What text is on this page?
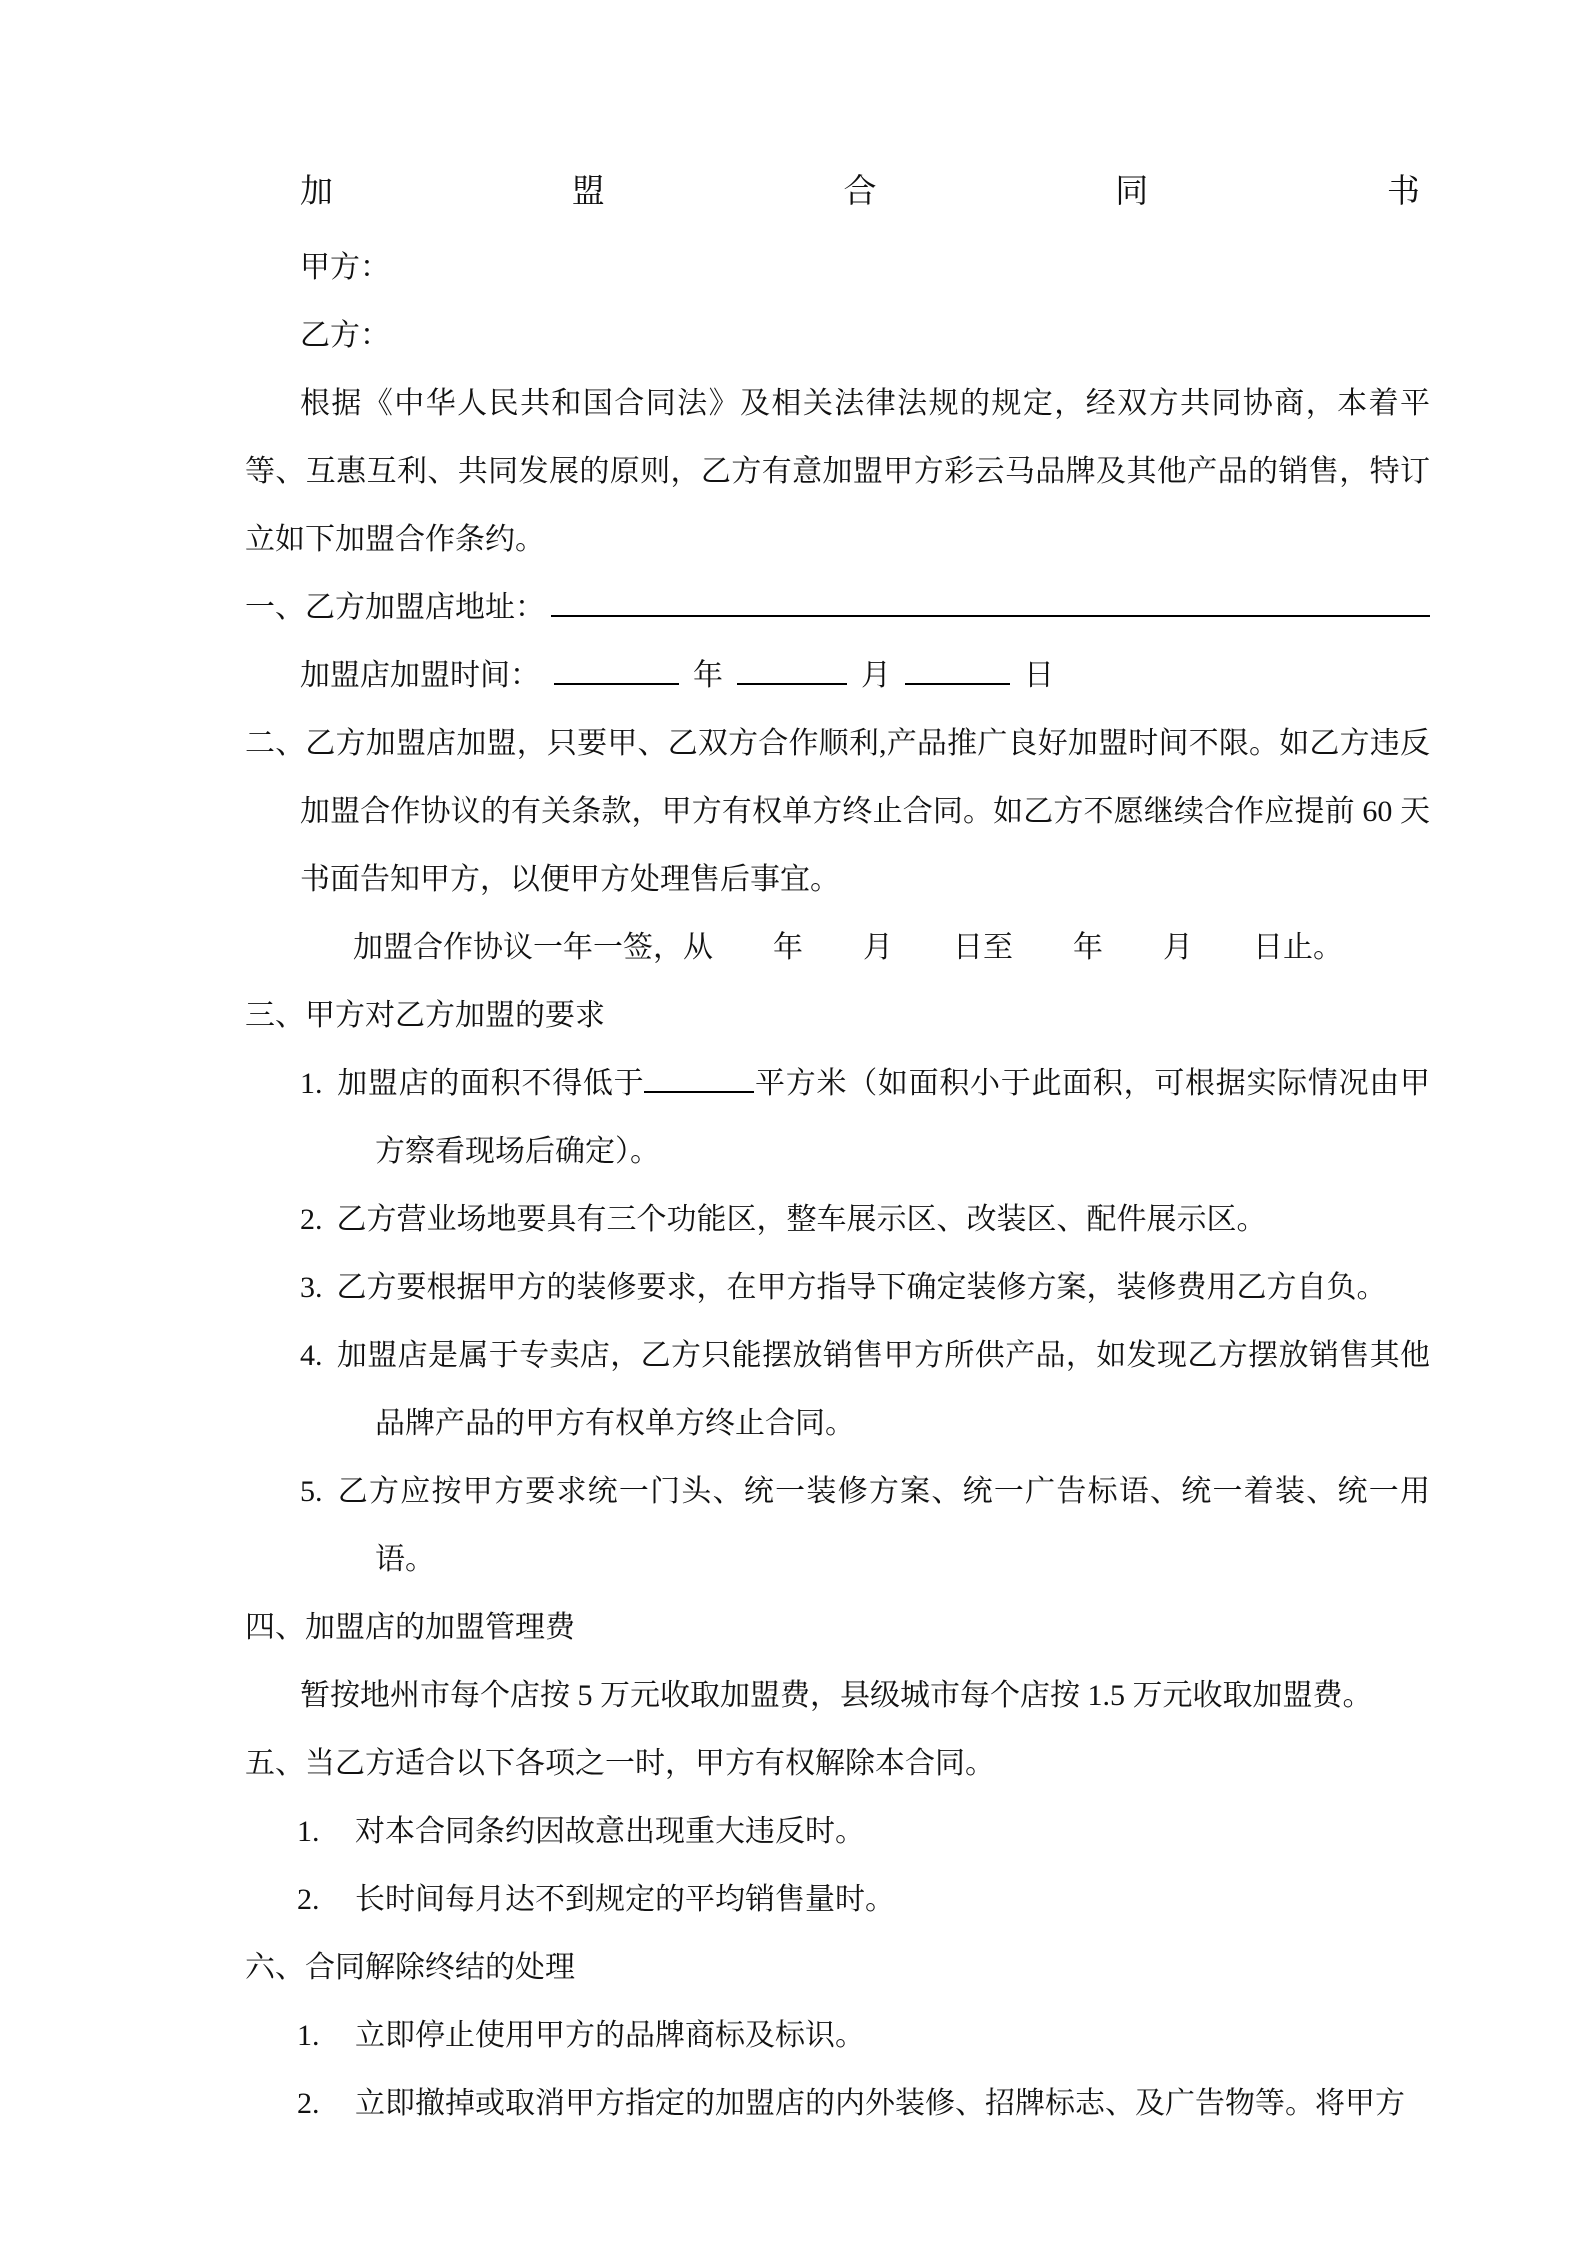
加	盟	合	同	书

甲方：

乙方：

根据《中华人民共和国合同法》及相关法律法规的规定，经双方共同协商，本着平等、互惠互利、共同发展的原则，乙方有意加盟甲方彩云马品牌及其他产品的销售，特订立如下加盟合作条约。

一、乙方加盟店地址：

加盟店加盟时间：	年	月	日

二、乙方加盟店加盟，只要甲、乙双方合作顺利,产品推广良好加盟时间不限。如乙方违反加盟合作协议的有关条款，甲方有权单方终止合同。如乙方不愿继续合作应提前 60 天书面告知甲方，以便甲方处理售后事宜。

加盟合作协议一年一签，从　　年　　月　　日至　　年　　月　　日止。

三、甲方对乙方加盟的要求

1. 加盟店的面积不得低于	平方米（如面积小于此面积，可根据实际情况由甲方察看现场后确定）。

2. 乙方营业场地要具有三个功能区，整车展示区、改装区、配件展示区。

3. 乙方要根据甲方的装修要求，在甲方指导下确定装修方案，装修费用乙方自负。

4. 加盟店是属于专卖店，乙方只能摆放销售甲方所供产品，如发现乙方摆放销售其他品牌产品的甲方有权单方终止合同。

5. 乙方应按甲方要求统一门头、统一装修方案、统一广告标语、统一着装、统一用语。

四、加盟店的加盟管理费

暂按地州市每个店按 5 万元收取加盟费，县级城市每个店按 1.5 万元收取加盟费。

五、当乙方适合以下各项之一时，甲方有权解除本合同。

1. 对本合同条约因故意出现重大违反时。

2. 长时间每月达不到规定的平均销售量时。

六、合同解除终结的处理

1. 立即停止使用甲方的品牌商标及标识。

2. 立即撤掉或取消甲方指定的加盟店的内外装修、招牌标志、及广告物等。将甲方
